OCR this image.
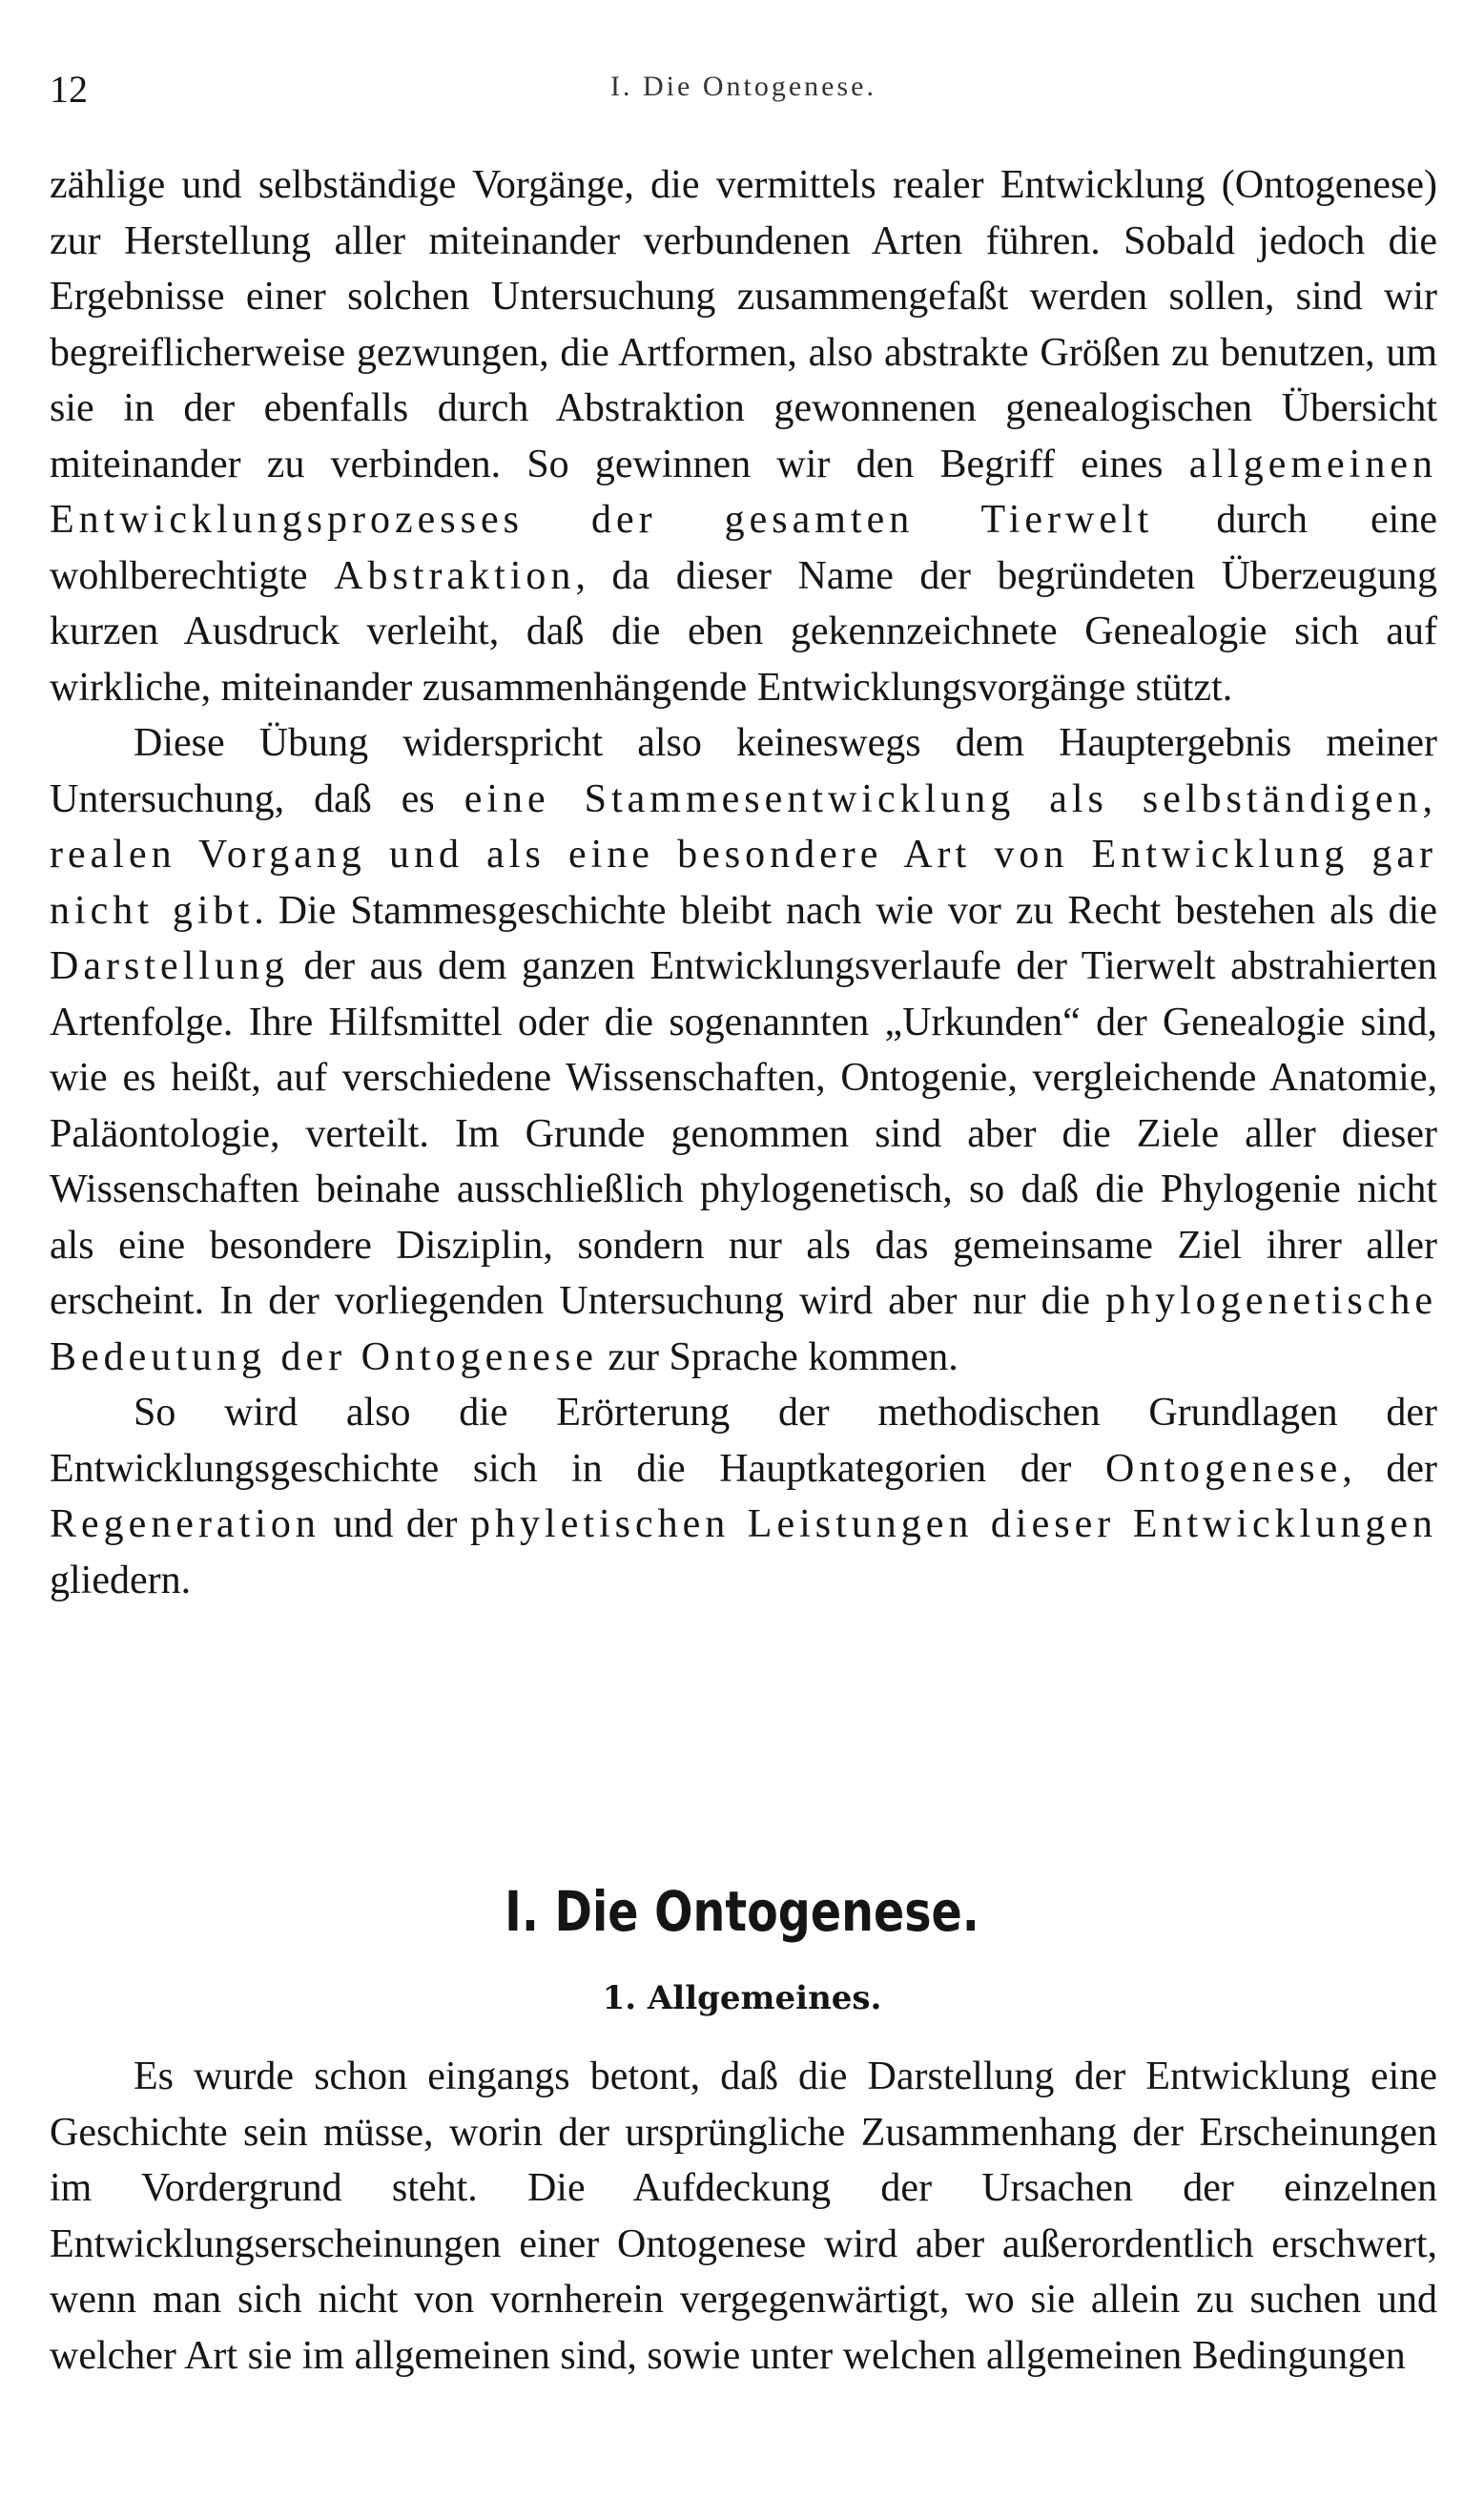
12	I. Die Ontogenese.

zählige und selbständige Vorgänge, die vermittels realer Entwicklung (Ontogenese) zur Herstellung aller miteinander verbundenen Arten führen. Sobald jedoch die Ergebnisse einer solchen Untersuchung zusammengefaßt werden sollen, sind wir begreiflicherweise gezwungen, die Artformen, also abstrakte Größen zu benutzen, um sie in der ebenfalls durch Abstraktion gewonnenen genealogischen Übersicht miteinander zu verbinden. So gewinnen wir den Begriff eines allgemeinen Entwicklungsprozesses der gesamten Tierwelt durch eine wohlberechtigte Abstraktion, da dieser Name der begründeten Überzeugung kurzen Ausdruck verleiht, daß die eben gekennzeichnete Genealogie sich auf wirkliche, miteinander zusammenhängende Entwicklungsvorgänge stützt.

Diese Übung widerspricht also keineswegs dem Hauptergebnis meiner Untersuchung, daß es eine Stammesentwicklung als selbständigen, realen Vorgang und als eine besondere Art von Entwicklung gar nicht gibt. Die Stammesgeschichte bleibt nach wie vor zu Recht bestehen als die Darstellung der aus dem ganzen Entwicklungsverlaufe der Tierwelt abstrahierten Artenfolge. Ihre Hilfsmittel oder die sogenannten „Urkunden“ der Genealogie sind, wie es heißt, auf verschiedene Wissenschaften, Ontogenie, vergleichende Anatomie, Paläontologie, verteilt. Im Grunde genommen sind aber die Ziele aller dieser Wissenschaften beinahe ausschließlich phylogenetisch, so daß die Phylogenie nicht als eine besondere Disziplin, sondern nur als das gemeinsame Ziel ihrer aller erscheint. In der vorliegenden Untersuchung wird aber nur die phylogenetische Bedeutung der Ontogenese zur Sprache kommen.

So wird also die Erörterung der methodischen Grundlagen der Entwicklungsgeschichte sich in die Hauptkategorien der Ontogenese, der Regeneration und der phyletischen Leistungen dieser Entwicklungen gliedern.

I. Die Ontogenese.
1. Allgemeines.

Es wurde schon eingangs betont, daß die Darstellung der Entwicklung eine Geschichte sein müsse, worin der ursprüngliche Zusammenhang der Erscheinungen im Vordergrund steht. Die Aufdeckung der Ursachen der einzelnen Entwicklungserscheinungen einer Ontogenese wird aber außerordentlich erschwert, wenn man sich nicht von vornherein vergegenwärtigt, wo sie allein zu suchen und welcher Art sie im allgemeinen sind, sowie unter welchen allgemeinen Bedingungen
